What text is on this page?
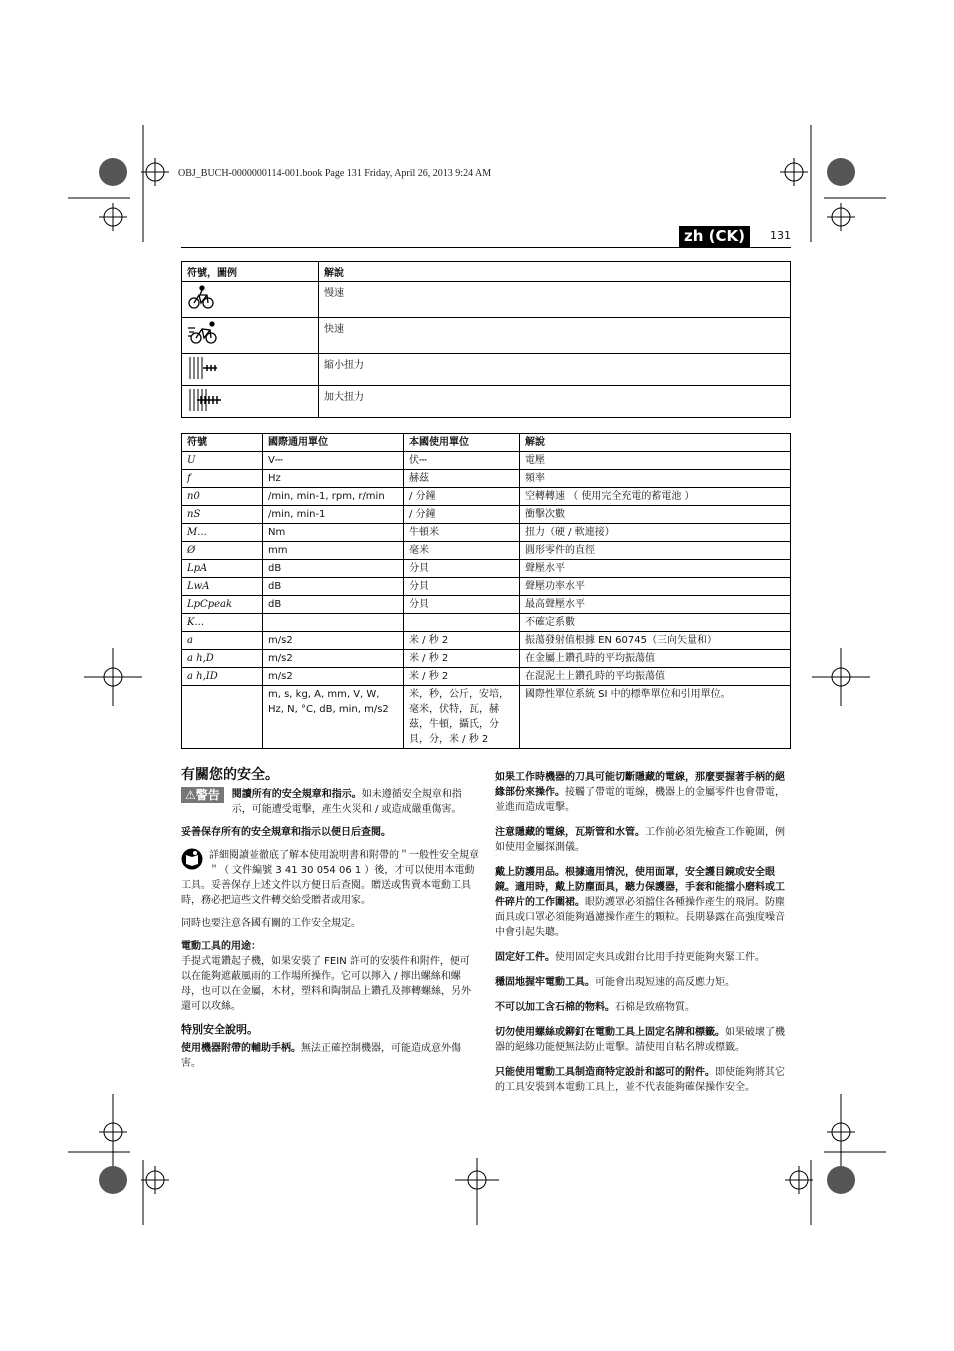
OBJ_BUCH-0000000114-001.book Page 131 Friday, April 26, 2013 9:24 AM
zh (CK)	131
符號，圖例	解說
	慢速
	快速
	縮小扭力
	加大扭力
符號	國際通用單位	本國使用單位	解說
U	V⎓	伏⎓	電壓
f	Hz	赫茲	頻率
n0	/min, min-1, rpm, r/min	/ 分鐘	空轉轉速 （ 使用完全充電的蓄電池 ）
nS	/min, min-1	/ 分鐘	衝擊次數
M...	Nm	牛頓米	扭力（硬 / 軟連接）
Ø	mm	毫米	圓形零件的直徑
LpA	dB	分貝	聲壓水平
LwA	dB	分貝	聲壓功率水平
LpCpeak	dB	分貝	最高聲壓水平
K...			不確定系數
a	m/s2	米 / 秒 2	振蕩發射值根據 EN 60745（三向矢量和）
a h,D	m/s2	米 / 秒 2	在金屬上鑽孔時的平均振蕩值
a h,ID	m/s2	米 / 秒 2	在混泥土上鑽孔時的平均振蕩值
	m, s, kg, A, mm, V, W, Hz, N, °C, dB, min, m/s2	米，秒，公斤，安培，毫米，伏特，瓦，赫茲，牛頓，攝氏，分貝，分，米 / 秒 2	國際性單位系統 SI 中的標準單位和引用單位。
有關您的安全。

⚠警告	閱讀所有的安全規章和指示。如未遵循安全規章和指示，可能遭受電擊，產生火災和 / 或造成嚴重傷害。

妥善保存所有的安全規章和指示以便日后查閱。

詳細閱讀並徹底了解本使用說明書和附帶的＂一般性安全規章＂（ 文件編號 3 41 30 054 06 1 ）後，才可以使用本電動工具。妥善保存上述文件以方便日后查閱。贈送或售賣本電動工具時，務必把這些文件轉交給受贈者或用家。

同時也要注意各國有關的工作安全規定。

電動工具的用途：

手提式電鑽起子機，如果安裝了 FEIN 許可的安裝件和附件，便可以在能夠遮蔽風雨的工作場所操作。它可以擰入 / 擰出螺絲和螺母，也可以在金屬，木材，塑料和陶制品上鑽孔及擰轉螺絲，另外還可以攻絲。

特別安全說明。

使用機器附帶的輔助手柄。無法正確控制機器，可能造成意外傷害。

如果工作時機器的刀具可能切斷隱藏的電線，那麼要握著手柄的絕緣部份來操作。接觸了帶電的電線，機器上的金屬零件也會帶電，並進而造成電擊。

注意隱藏的電線，瓦斯管和水管。工作前必須先檢查工作範圍，例如使用金屬探測儀。

戴上防護用品。根據適用情況，使用面罩，安全護目鏡或安全眼鏡。適用時，戴上防塵面具，聽力保護器，手套和能擋小磨料或工件碎片的工作圍裙。眼防護罩必須擋住各種操作產生的飛屑。防塵面具或口罩必須能夠過濾操作產生的顆粒。長期暴露在高強度噪音中會引起失聰。

固定好工件。使用固定夾具或鉗台比用手持更能夠夾緊工件。

穩固地握牢電動工具。可能會出現短速的高反應力矩。

不可以加工含石棉的物料。石棉是致癌物質。

切勿使用螺絲或鉚釘在電動工具上固定名牌和標籤。如果破壞了機器的絕緣功能便無法防止電擊。請使用自粘名牌或標籤。

只能使用電動工具制造商特定設計和認可的附件。即使能夠將其它的工具安裝到本電動工具上，並不代表能夠確保操作安全。
